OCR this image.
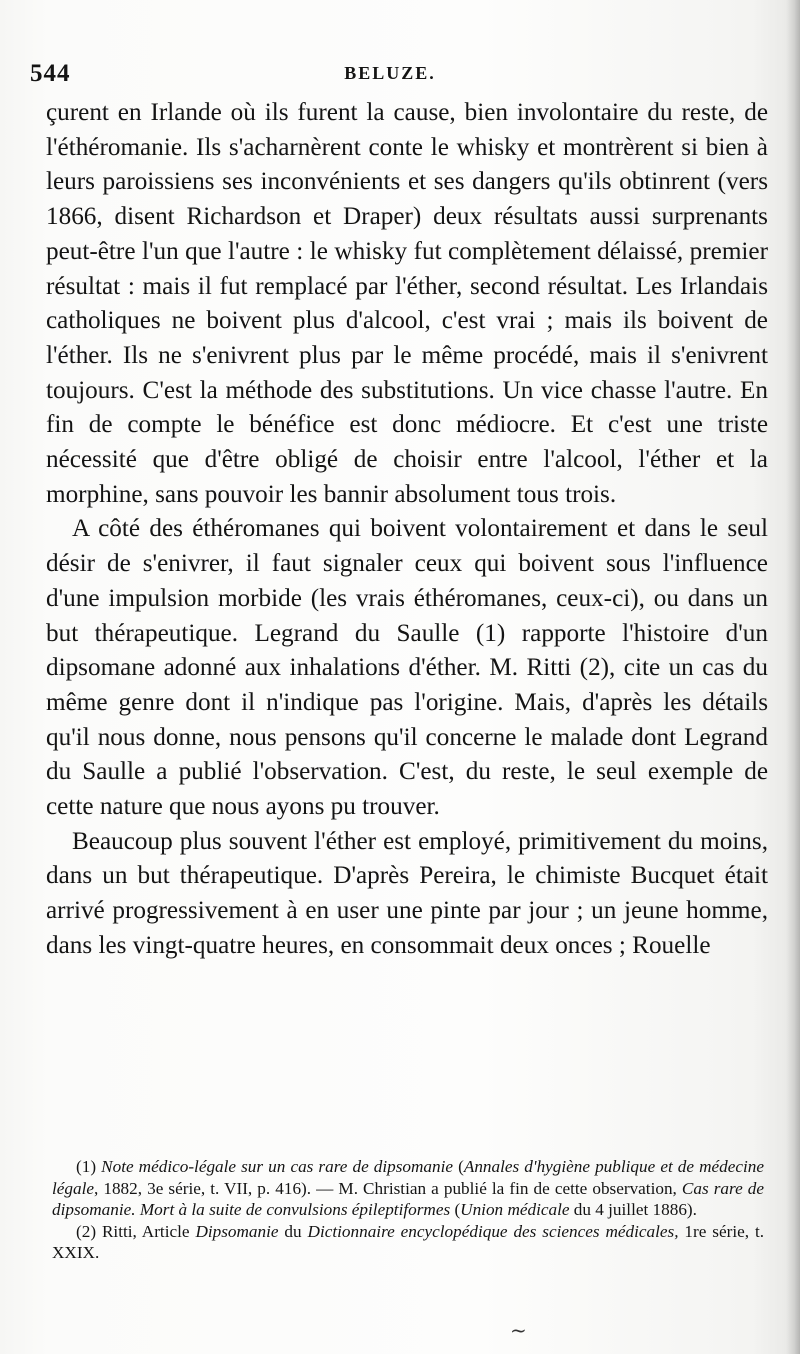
544	BELUZE.

çurent en Irlande où ils furent la cause, bien involontaire du reste, de l'éthéromanie. Ils s'acharnèrent conte le whisky et montrèrent si bien à leurs paroissiens ses inconvénients et ses dangers qu'ils obtinrent (vers 1866, disent Richardson et Draper) deux résultats aussi surprenants peut-être l'un que l'autre : le whisky fut complètement délaissé, premier résultat : mais il fut remplacé par l'éther, second résultat. Les Irlandais catholiques ne boivent plus d'alcool, c'est vrai ; mais ils boivent de l'éther. Ils ne s'enivrent plus par le même procédé, mais il s'enivrent toujours. C'est la méthode des substitutions. Un vice chasse l'autre. En fin de compte le bénéfice est donc médiocre. Et c'est une triste nécessité que d'être obligé de choisir entre l'alcool, l'éther et la morphine, sans pouvoir les bannir absolument tous trois.

A côté des éthéromanes qui boivent volontairement et dans le seul désir de s'enivrer, il faut signaler ceux qui boivent sous l'influence d'une impulsion morbide (les vrais éthéromanes, ceux-ci), ou dans un but thérapeutique. Legrand du Saulle (1) rapporte l'histoire d'un dipsomane adonné aux inhalations d'éther. M. Ritti (2), cite un cas du même genre dont il n'indique pas l'origine. Mais, d'après les détails qu'il nous donne, nous pensons qu'il concerne le malade dont Legrand du Saulle a publié l'observation. C'est, du reste, le seul exemple de cette nature que nous ayons pu trouver.

Beaucoup plus souvent l'éther est employé, primitivement du moins, dans un but thérapeutique. D'après Pereira, le chimiste Bucquet était arrivé progressivement à en user une pinte par jour ; un jeune homme, dans les vingt-quatre heures, en consommait deux onces ; Rouelle

(1) Note médico-légale sur un cas rare de dipsomanie (Annales d'hygiène publique et de médecine légale, 1882, 3e série, t. VII, p. 416). — M. Christian a publié la fin de cette observation, Cas rare de dipsomanie. Mort à la suite de convulsions épileptiformes (Union médicale du 4 juillet 1886).

(2) Ritti, Article Dipsomanie du Dictionnaire encyclopédique des sciences médicales, 1re série, t. XXIX.

~
